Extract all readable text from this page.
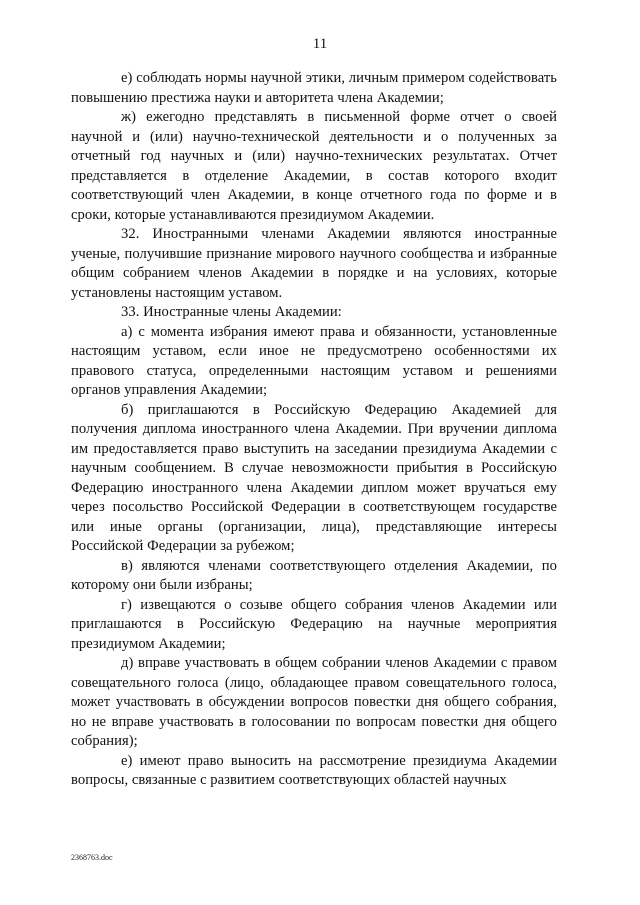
11

е) соблюдать нормы научной этики, личным примером содействовать повышению престижа науки и авторитета члена Академии;

ж) ежегодно представлять в письменной форме отчет о своей научной и (или) научно-технической деятельности и о полученных за отчетный год научных и (или) научно-технических результатах. Отчет представляется в отделение Академии, в состав которого входит соответствующий член Академии, в конце отчетного года по форме и в сроки, которые устанавливаются президиумом Академии.

32. Иностранными членами Академии являются иностранные ученые, получившие признание мирового научного сообщества и избранные общим собранием членов Академии в порядке и на условиях, которые установлены настоящим уставом.

33. Иностранные члены Академии:

а) с момента избрания имеют права и обязанности, установленные настоящим уставом, если иное не предусмотрено особенностями их правового статуса, определенными настоящим уставом и решениями органов управления Академии;

б) приглашаются в Российскую Федерацию Академией для получения диплома иностранного члена Академии. При вручении диплома им предоставляется право выступить на заседании президиума Академии с научным сообщением. В случае невозможности прибытия в Российскую Федерацию иностранного члена Академии диплом может вручаться ему через посольство Российской Федерации в соответствующем государстве или иные органы (организации, лица), представляющие интересы Российской Федерации за рубежом;

в) являются членами соответствующего отделения Академии, по которому они были избраны;

г) извещаются о созыве общего собрания членов Академии или приглашаются в Российскую Федерацию на научные мероприятия президиумом Академии;

д) вправе участвовать в общем собрании членов Академии с правом совещательного голоса (лицо, обладающее правом совещательного голоса, может участвовать в обсуждении вопросов повестки дня общего собрания, но не вправе участвовать в голосовании по вопросам повестки дня общего собрания);

е) имеют право выносить на рассмотрение президиума Академии вопросы, связанные с развитием соответствующих областей научных

2368763.doc
